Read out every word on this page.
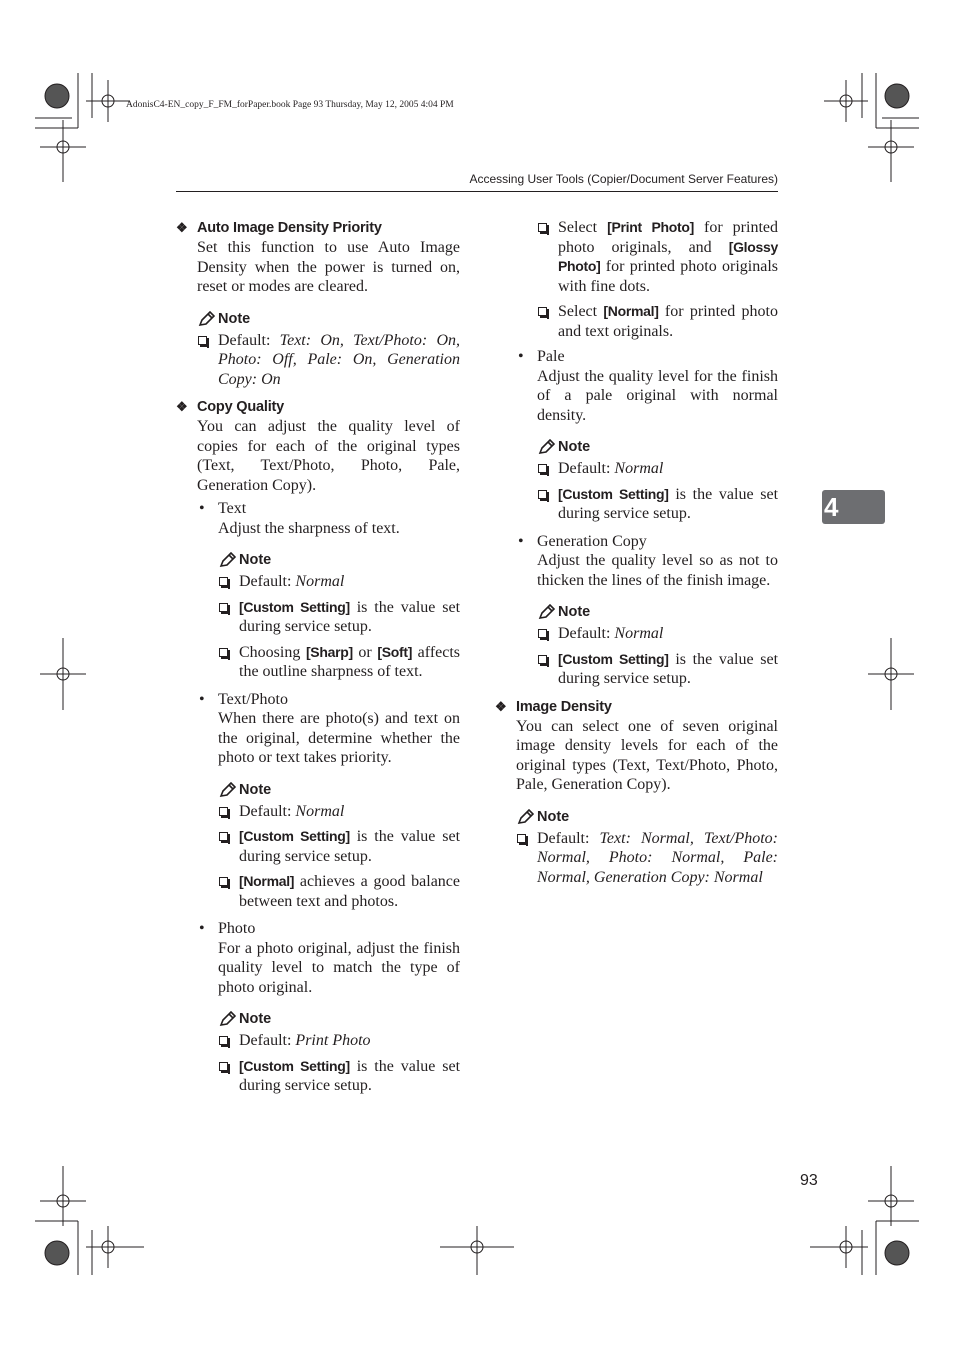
AdonisC4-EN_copy_F_FM_forPaper.book Page 93 Thursday, May 12, 2005 4:04 PM
Accessing User Tools (Copier/Document Server Features)
❖ Auto Image Density Priority
Set this function to use Auto Image Density when the power is turned on, reset or modes are cleared.
Note
Default: Text: On, Text/Photo: On, Photo: Off, Pale: On, Generation Copy: On
❖ Copy Quality
You can adjust the quality level of copies for each of the original types (Text, Text/Photo, Photo, Pale, Generation Copy).
• Text
Adjust the sharpness of text.
Note
Default: Normal
[Custom Setting] is the value set during service setup.
Choosing [Sharp] or [Soft] affects the outline sharpness of text.
• Text/Photo
When there are photo(s) and text on the original, determine whether the photo or text takes priority.
Note
Default: Normal
[Custom Setting] is the value set during service setup.
[Normal] achieves a good balance between text and photos.
• Photo
For a photo original, adjust the finish quality level to match the type of photo original.
Note
Default: Print Photo
[Custom Setting] is the value set during service setup.
Select [Print Photo] for printed photo originals, and [Glossy Photo] for printed photo originals with fine dots.
Select [Normal] for printed photo and text originals.
• Pale
Adjust the quality level for the finish of a pale original with normal density.
Note
Default: Normal
[Custom Setting] is the value set during service setup.
• Generation Copy
Adjust the quality level so as not to thicken the lines of the finish image.
Note
Default: Normal
[Custom Setting] is the value set during service setup.
❖ Image Density
You can select one of seven original image density levels for each of the original types (Text, Text/Photo, Photo, Pale, Generation Copy).
Note
Default: Text: Normal, Text/Photo: Normal, Photo: Normal, Pale: Normal, Generation Copy: Normal
4
93
